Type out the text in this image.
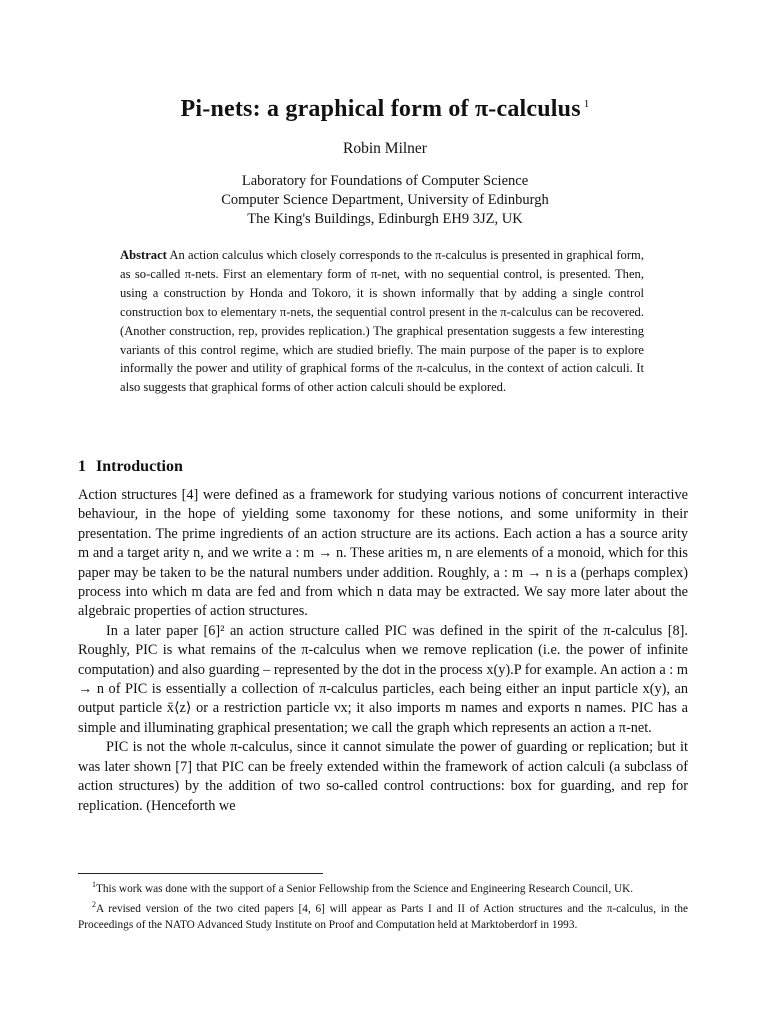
Pi-nets: a graphical form of π-calculus $^1$
Robin Milner
Laboratory for Foundations of Computer Science
Computer Science Department, University of Edinburgh
The King's Buildings, Edinburgh EH9 3JZ, UK
Abstract An action calculus which closely corresponds to the π-calculus is presented in graphical form, as so-called π-nets. First an elementary form of π-net, with no sequential control, is presented. Then, using a construction by Honda and Tokoro, it is shown informally that by adding a single control construction box to elementary π-nets, the sequential control present in the π-calculus can be recovered. (Another construction, rep, provides replication.) The graphical presentation suggests a few interesting variants of this control regime, which are studied briefly. The main purpose of the paper is to explore informally the power and utility of graphical forms of the π-calculus, in the context of action calculi. It also suggests that graphical forms of other action calculi should be explored.
1 Introduction

Action structures [4] were defined as a framework for studying various notions of concurrent interactive behaviour, in the hope of yielding some taxonomy for these notions, and some uniformity in their presentation. The prime ingredients of an action structure are its actions. Each action a has a source arity m and a target arity n, and we write a : m → n. These arities m, n are elements of a monoid, which for this paper may be taken to be the natural numbers under addition. Roughly, a : m → n is a (perhaps complex) process into which m data are fed and from which n data may be extracted. We say more later about the algebraic properties of action structures.

In a later paper [6]² an action structure called PIC was defined in the spirit of the π-calculus [8]. Roughly, PIC is what remains of the π-calculus when we remove replication (i.e. the power of infinite computation) and also guarding – represented by the dot in the process x(y).P for example. An action a : m → n of PIC is essentially a collection of π-calculus particles, each being either an input particle x(y), an output particle x̄⟨z⟩ or a restriction particle νx; it also imports m names and exports n names. PIC has a simple and illuminating graphical presentation; we call the graph which represents an action a π-net.

PIC is not the whole π-calculus, since it cannot simulate the power of guarding or replication; but it was later shown [7] that PIC can be freely extended within the framework of action calculi (a subclass of action structures) by the addition of two so-called control contructions: box for guarding, and rep for replication. (Henceforth we

$^1$This work was done with the support of a Senior Fellowship from the Science and Engineering Research Council, UK.

$^2$A revised version of the two cited papers [4, 6] will appear as Parts I and II of Action structures and the π-calculus, in the Proceedings of the NATO Advanced Study Institute on Proof and Computation held at Marktoberdorf in 1993.
